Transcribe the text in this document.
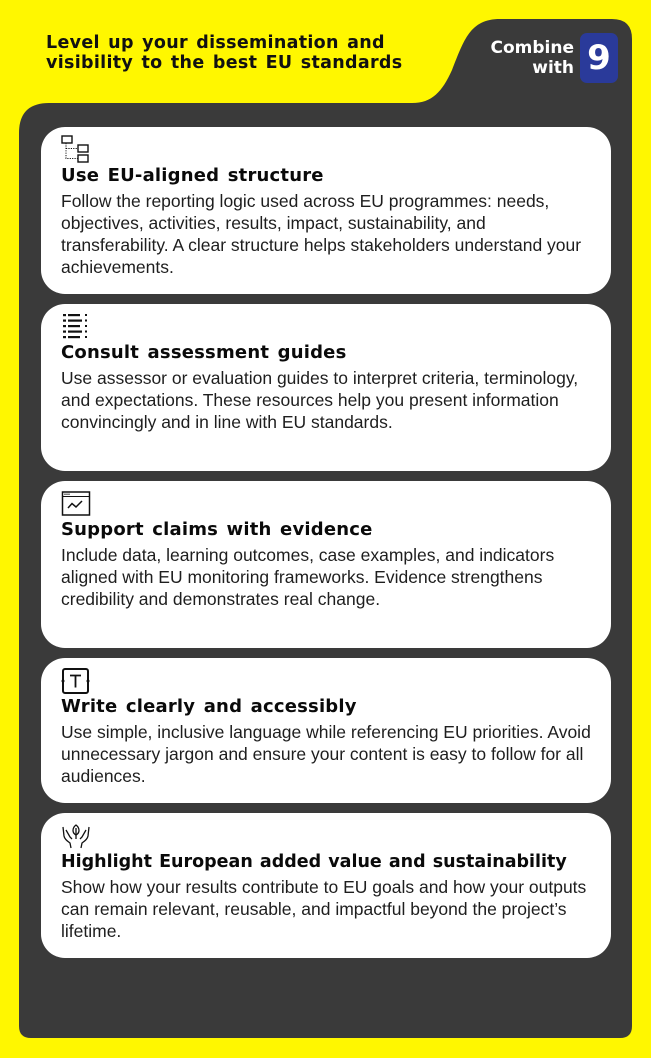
Level up your dissemination and
visibility to the best EU standards
Combine
with 9
Use EU-aligned structure

Follow the reporting logic used across EU programmes: needs, objectives, activities, results, impact, sustainability, and transferability. A clear structure helps stakeholders understand your achievements.

Consult assessment guides

Use assessor or evaluation guides to interpret criteria, terminology, and expectations. These resources help you present information convincingly and in line with EU standards.

Support claims with evidence

Include data, learning outcomes, case examples, and indicators aligned with EU monitoring frameworks. Evidence strengthens credibility and demonstrates real change.

Write clearly and accessibly

Use simple, inclusive language while referencing EU priorities. Avoid unnecessary jargon and ensure your content is easy to follow for all audiences.

Highlight European added value and sustainability

Show how your results contribute to EU goals and how your outputs can remain relevant, reusable, and impactful beyond the project’s lifetime.
